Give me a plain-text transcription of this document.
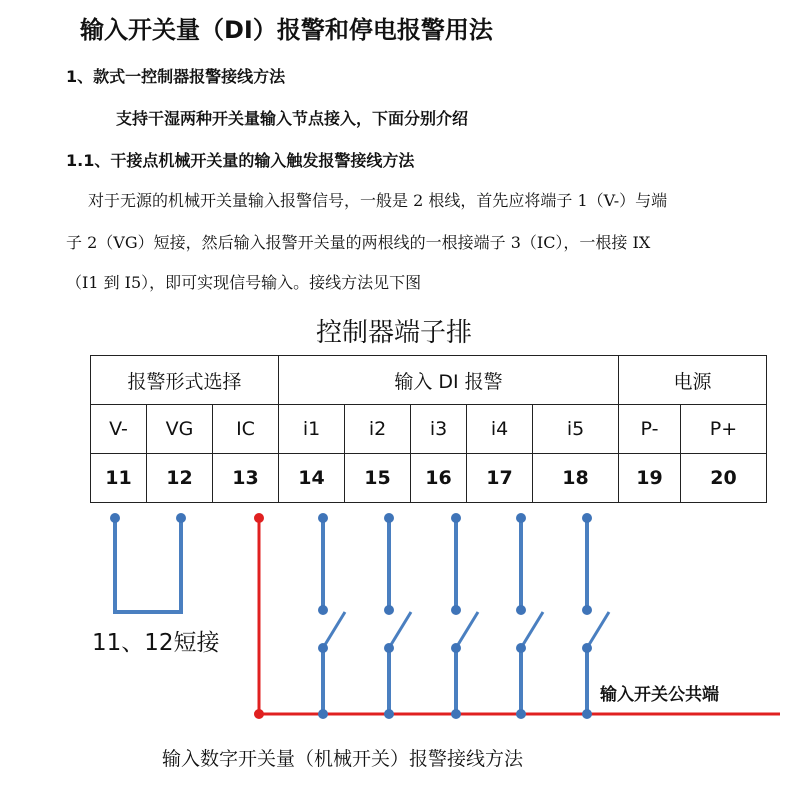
输入开关量（DI）报警和停电报警用法
1、款式一控制器报警接线方法
支持干湿两种开关量输入节点接入，下面分别介绍
1.1、干接点机械开关量的输入触发报警接线方法
对于无源的机械开关量输入报警信号，一般是 2 根线，首先应将端子 1（V-）与端
子 2（VG）短接，然后输入报警开关量的两根线的一根接端子 3（IC），一根接 IX
（I1 到 I5），即可实现信号输入。接线方法见下图
控制器端子排
报警形式选择			输入 DI 报警					电源	
V-	VG	IC	i1	i2	i3	i4	i5	P-	P+
11	12	13	14	15	16	17	18	19	20
11、12短接
输入开关公共端
输入数字开关量（机械开关）报警接线方法
